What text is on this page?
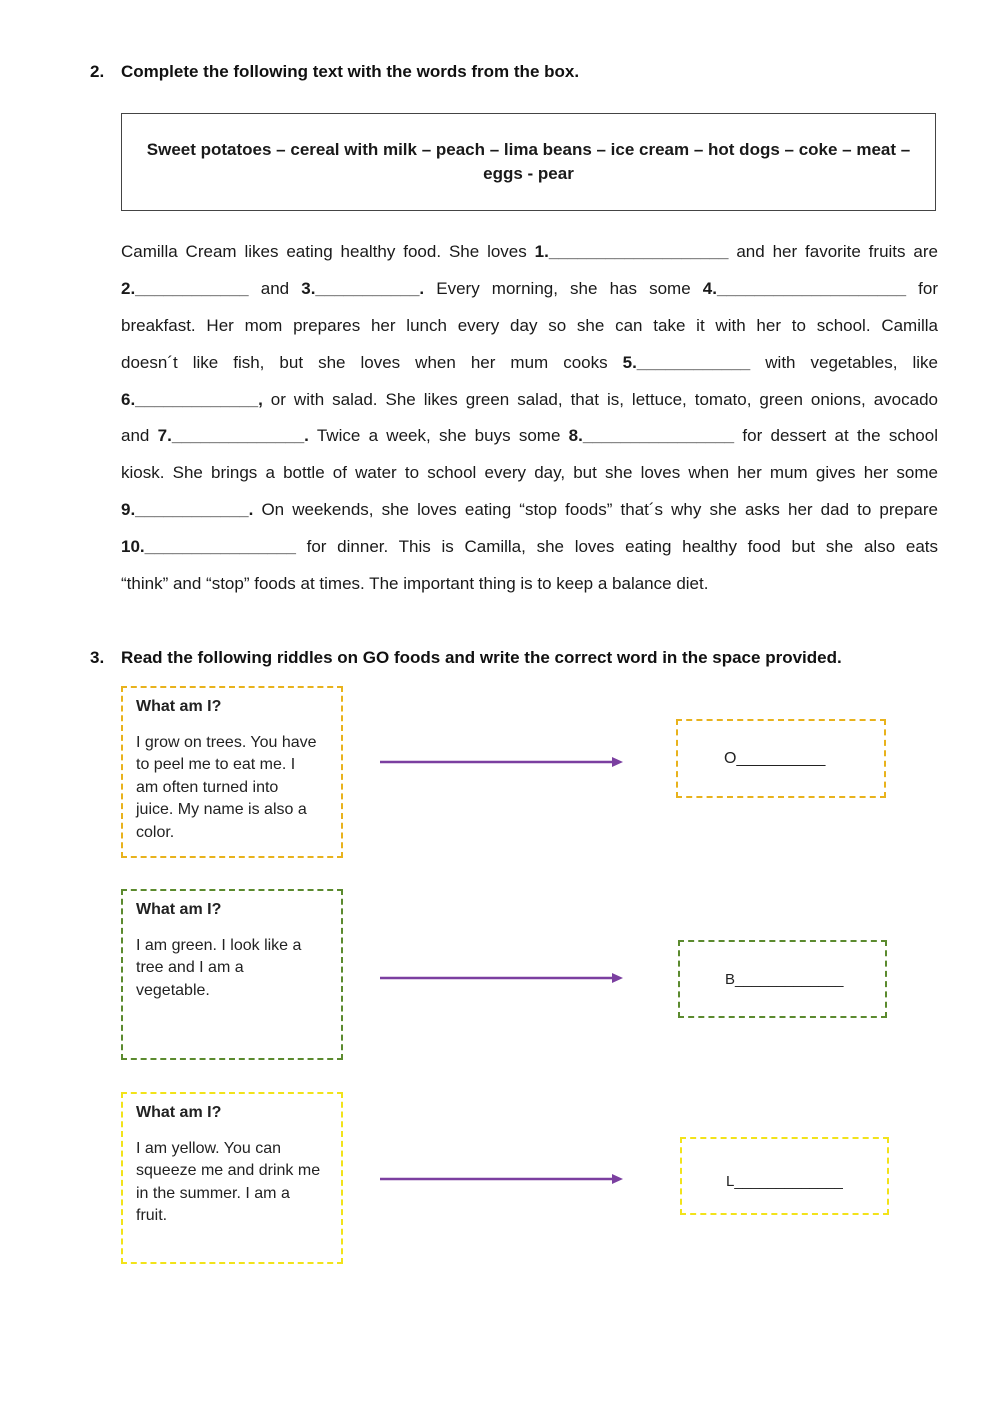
2. Complete the following text with the words from the box.
Sweet potatoes – cereal with milk – peach – lima beans – ice cream – hot dogs – coke – meat –
eggs - pear
Camilla Cream likes eating healthy food. She loves 1.___________________ and her favorite fruits are
2.____________ and 3.___________. Every morning, she has some 4.____________________ for
breakfast. Her mom prepares her lunch every day so she can take it with her to school. Camilla
doesn´t like fish, but she loves when her mum cooks 5.____________ with vegetables, like
6._____________, or with salad. She likes green salad, that is, lettuce, tomato, green onions, avocado
and 7.______________. Twice a week, she buys some 8.________________ for dessert at the school
kiosk. She brings a bottle of water to school every day, but she loves when her mum gives her some
9.____________. On weekends, she loves eating “stop foods” that´s why she asks her dad to prepare
10.________________ for dinner. This is Camilla, she loves eating healthy food but she also eats
“think” and “stop” foods at times. The important thing is to keep a balance diet.
3. Read the following riddles on GO foods and write the correct word in the space provided.
What am I?
I grow on trees. You have
to peel me to eat me. I
am often turned into
juice. My name is also a
color.
O__________
What am I?
I am green. I look like a
tree and I am a
vegetable.
B_____________
What am I?
I am yellow. You can
squeeze me and drink me
in the summer. I am a
fruit.
L_____________
